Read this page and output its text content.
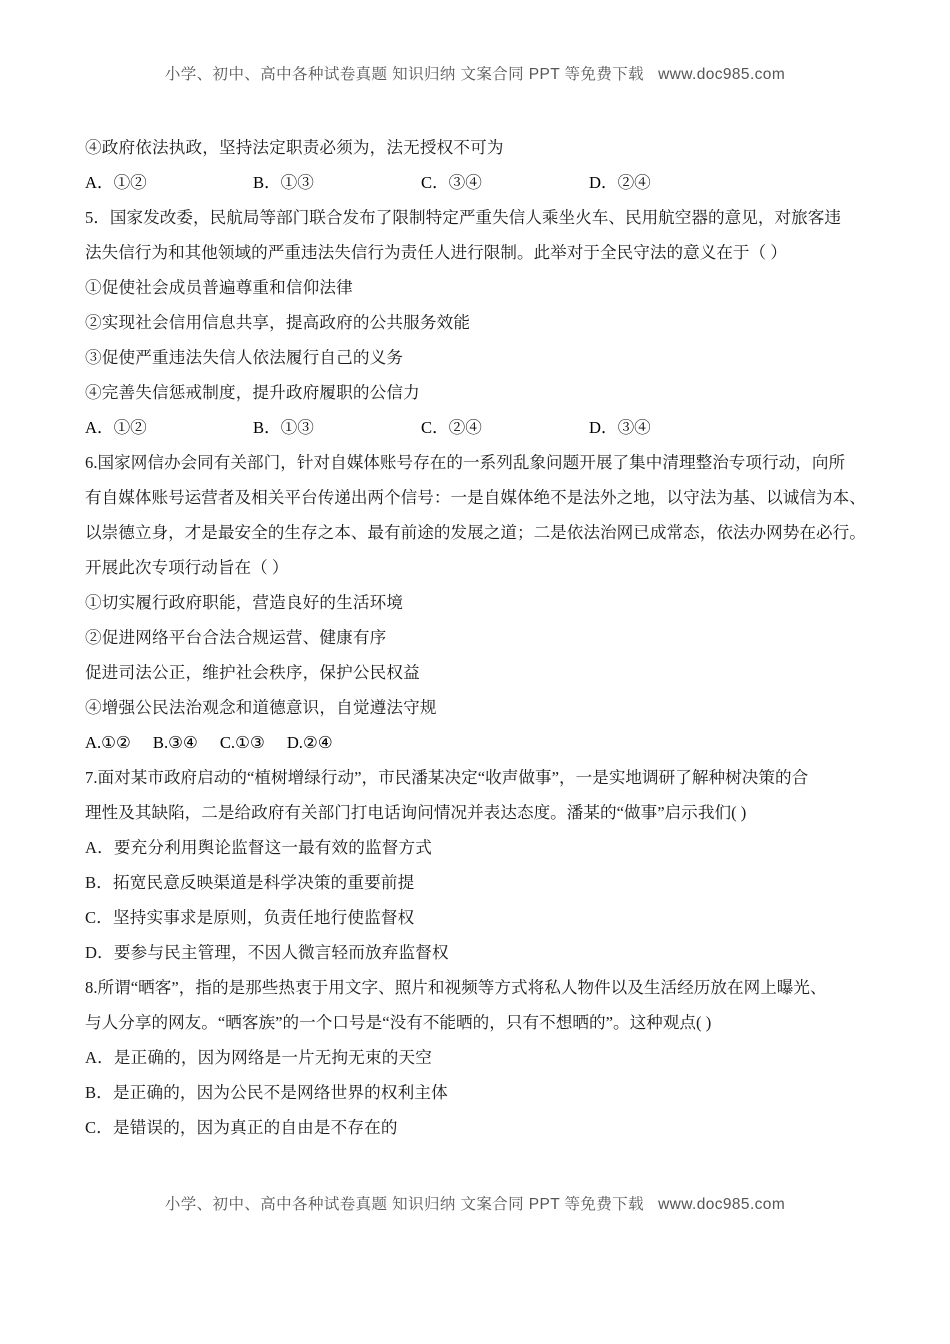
小学、初中、高中各种试卷真题 知识归纳 文案合同 PPT 等免费下载 www.doc985.com
④政府依法执政，坚持法定职责必须为，法无授权不可为
A．①②	B．①③	C．③④	D．②④
5．国家发改委，民航局等部门联合发布了限制特定严重失信人乘坐火车、民用航空器的意见，对旅客违
法失信行为和其他领域的严重违法失信行为责任人进行限制。此举对于全民守法的意义在于（ ）
①促使社会成员普遍尊重和信仰法律
②实现社会信用信息共享，提高政府的公共服务效能
③促使严重违法失信人依法履行自己的义务
④完善失信惩戒制度，提升政府履职的公信力
A．①②	B．①③	C．②④	D．③④
6.国家网信办会同有关部门，针对自媒体账号存在的一系列乱象问题开展了集中清理整治专项行动，向所
有自媒体账号运营者及相关平台传递出两个信号：一是自媒体绝不是法外之地，以守法为基、以诚信为本、
以崇德立身，才是最安全的生存之本、最有前途的发展之道；二是依法治网已成常态，依法办网势在必行。
开展此次专项行动旨在（ ）
①切实履行政府职能，营造良好的生活环境
②促进网络平台合法合规运营、健康有序
促进司法公正，维护社会秩序，保护公民权益
④增强公民法治观念和道德意识，自觉遵法守规
A.①② B.③④ C.①③ D.②④
7.面对某市政府启动的“植树增绿行动”，市民潘某决定“收声做事”，一是实地调研了解种树决策的合
理性及其缺陷，二是给政府有关部门打电话询问情况并表达态度。潘某的“做事”启示我们( )
A．要充分利用舆论监督这一最有效的监督方式
B．拓宽民意反映渠道是科学决策的重要前提
C．坚持实事求是原则，负责任地行使监督权
D．要参与民主管理，不因人微言轻而放弃监督权
8.所谓“晒客”，指的是那些热衷于用文字、照片和视频等方式将私人物件以及生活经历放在网上曝光、
与人分享的网友。“晒客族”的一个口号是“没有不能晒的，只有不想晒的”。这种观点( )
A．是正确的，因为网络是一片无拘无束的天空
B．是正确的，因为公民不是网络世界的权利主体
C．是错误的，因为真正的自由是不存在的
小学、初中、高中各种试卷真题 知识归纳 文案合同 PPT 等免费下载 www.doc985.com
